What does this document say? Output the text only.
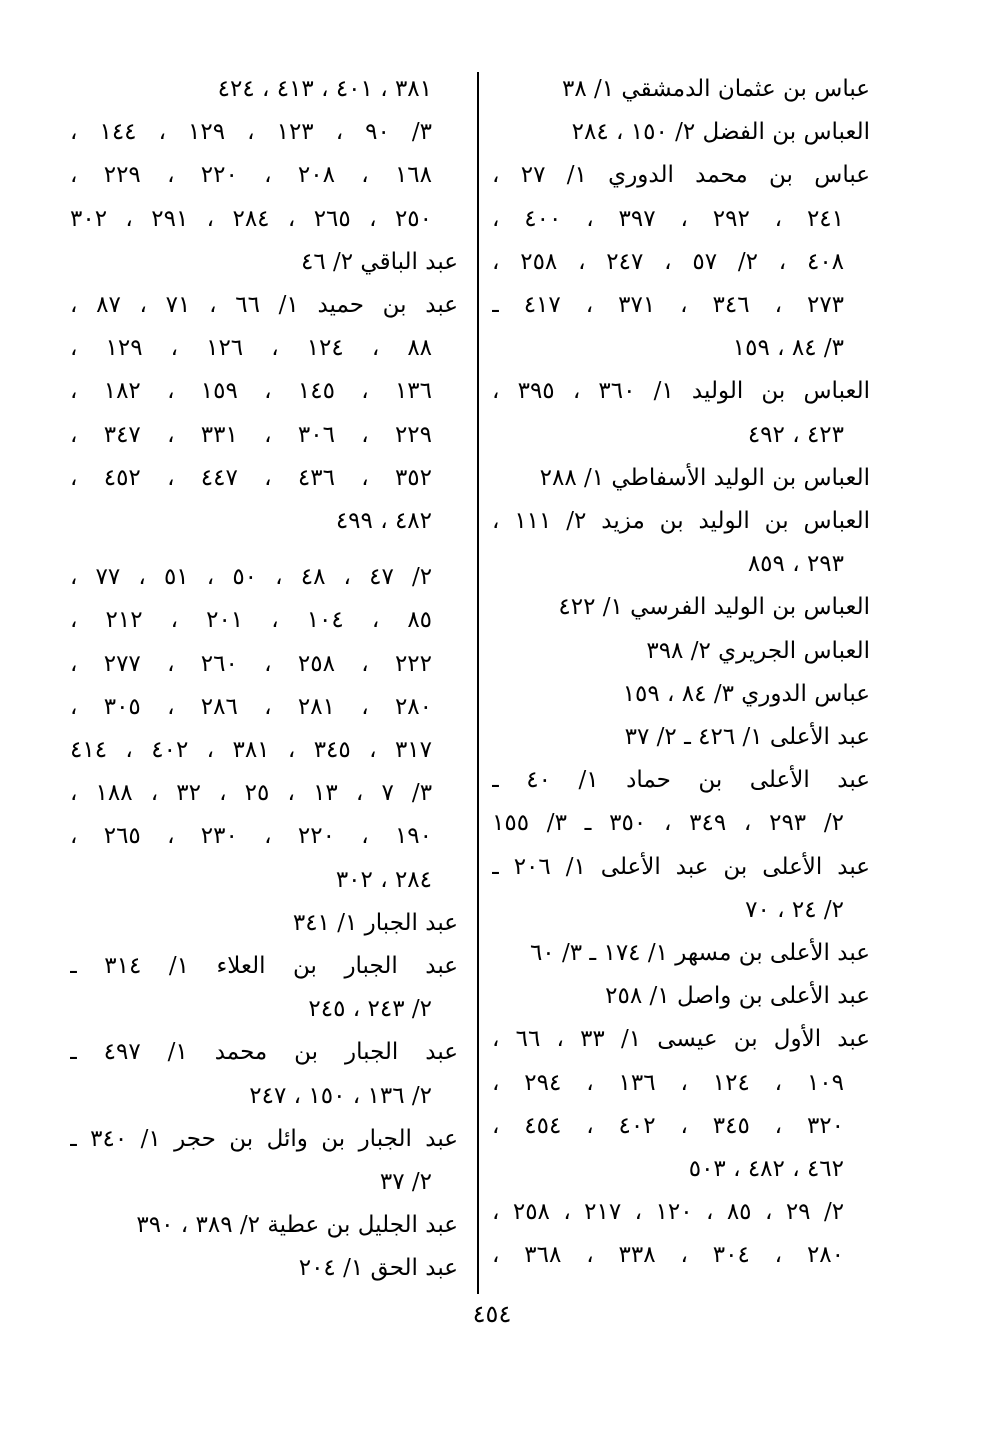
عباس بن عثمان الدمشقي ١/ ٣٨
العباس بن الفضل ٢/ ١٥٠ ، ٢٨٤
عباس بن محمد الدوري ١/ ٢٧ ،
٢٤١ ، ٢٩٢ ، ٣٩٧ ، ٤٠٠ ،
٤٠٨ ، ٢/ ٥٧ ، ٢٤٧ ، ٢٥٨ ،
٢٧٣ ، ٣٤٦ ، ٣٧١ ، ٤١٧ ـ
٣/ ٨٤ ، ١٥٩
العباس بن الوليد ١/ ٣٦٠ ، ٣٩٥ ،
٤٢٣ ، ٤٩٢
العباس بن الوليد الأسفاطي ١/ ٢٨٨
العباس بن الوليد بن مزيد ٢/ ١١١ ،
٢٩٣ ، ٨٥٩
العباس بن الوليد الفرسي ١/ ٤٢٢
العباس الجريري ٢/ ٣٩٨
عباس الدوري ٣/ ٨٤ ، ١٥٩
عبد الأعلى ١/ ٤٢٦ ـ ٢/ ٣٧
عبد الأعلى بن حماد ١/ ٤٠ ـ
٢/ ٢٩٣ ، ٣٤٩ ، ٣٥٠ ـ ٣/ ١٥٥
عبد الأعلى بن عبد الأعلى ١/ ٢٠٦ ـ
٢/ ٢٤ ، ٧٠
عبد الأعلى بن مسهر ١/ ١٧٤ ـ ٣/ ٦٠
عبد الأعلى بن واصل ١/ ٢٥٨
عبد الأول بن عيسى ١/ ٣٣ ، ٦٦ ،
١٠٩ ، ١٢٤ ، ١٣٦ ، ٢٩٤ ،
٣٢٠ ، ٣٤٥ ، ٤٠٢ ، ٤٥٤ ،
٤٦٢ ، ٤٨٢ ، ٥٠٣
٢/ ٢٩ ، ٨٥ ، ١٢٠ ، ٢١٧ ، ٢٥٨ ،
٢٨٠ ، ٣٠٤ ، ٣٣٨ ، ٣٦٨ ،
٣٨١ ، ٤٠١ ، ٤١٣ ، ٤٢٤
٣/ ٩٠ ، ١٢٣ ، ١٢٩ ، ١٤٤ ،
١٦٨ ، ٢٠٨ ، ٢٢٠ ، ٢٢٩ ،
٢٥٠ ، ٢٦٥ ، ٢٨٤ ، ٢٩١ ، ٣٠٢
عبد الباقي ٢/ ٤٦
عبد بن حميد ١/ ٦٦ ، ٧١ ، ٨٧ ،
٨٨ ، ١٢٤ ، ١٢٦ ، ١٢٩ ،
١٣٦ ، ١٤٥ ، ١٥٩ ، ١٨٢ ،
٢٢٩ ، ٣٠٦ ، ٣٣١ ، ٣٤٧ ،
٣٥٢ ، ٤٣٦ ، ٤٤٧ ، ٤٥٢ ،
٤٨٢ ، ٤٩٩
٢/ ٤٧ ، ٤٨ ، ٥٠ ، ٥١ ، ٧٧ ،
٨٥ ، ١٠٤ ، ٢٠١ ، ٢١٢ ،
٢٢٢ ، ٢٥٨ ، ٢٦٠ ، ٢٧٧ ،
٢٨٠ ، ٢٨١ ، ٢٨٦ ، ٣٠٥ ،
٣١٧ ، ٣٤٥ ، ٣٨١ ، ٤٠٢ ، ٤١٤
٣/ ٧ ، ١٣ ، ٢٥ ، ٣٢ ، ١٨٨ ،
١٩٠ ، ٢٢٠ ، ٢٣٠ ، ٢٦٥ ،
٢٨٤ ، ٣٠٢
عبد الجبار ١/ ٣٤١
عبد الجبار بن العلاء ١/ ٣١٤ ـ
٢/ ٢٤٣ ، ٢٤٥
عبد الجبار بن محمد ١/ ٤٩٧ ـ
٢/ ١٣٦ ، ١٥٠ ، ٢٤٧
عبد الجبار بن وائل بن حجر ١/ ٣٤٠ ـ
٢/ ٣٧
عبد الجليل بن عطية ٢/ ٣٨٩ ، ٣٩٠
عبد الحق ١/ ٢٠٤
٤٥٤
